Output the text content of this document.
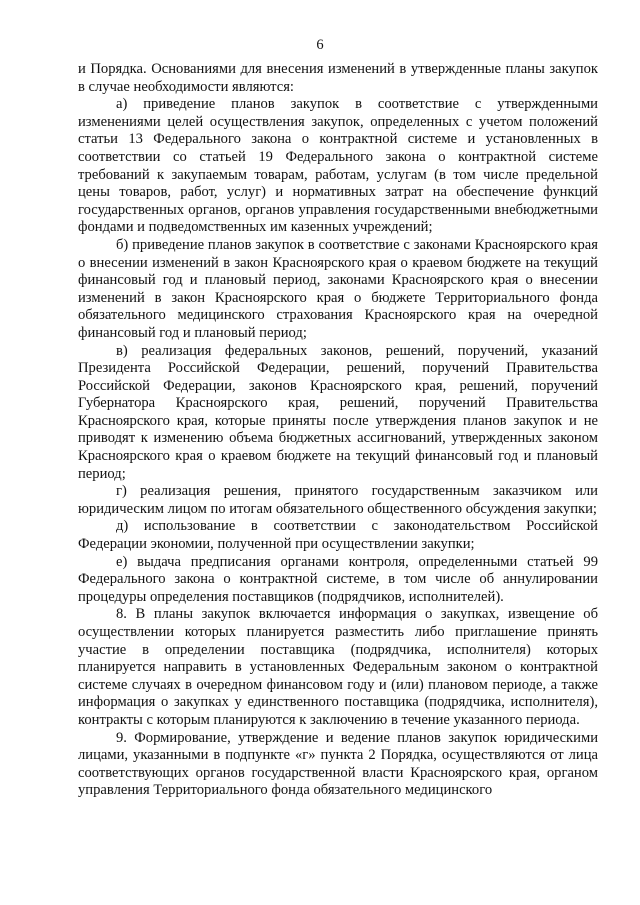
6

и Порядка. Основаниями для внесения изменений в утвержденные планы закупок в случае необходимости являются:

а) приведение планов закупок в соответствие с утвержденными изменениями целей осуществления закупок, определенных с учетом положений статьи 13 Федерального закона о контрактной системе и установленных в соответствии со статьей 19 Федерального закона о контрактной системе требований к закупаемым товарам, работам, услугам (в том числе предельной цены товаров, работ, услуг) и нормативных затрат на обеспечение функций государственных органов, органов управления государственными внебюджетными фондами и подведомственных им казенных учреждений;

б) приведение планов закупок в соответствие с законами Красноярского края о внесении изменений в закон Красноярского края о краевом бюджете на текущий финансовый год и плановый период, законами Красноярского края о внесении изменений в закон Красноярского края о бюджете Территориального фонда обязательного медицинского страхования Красноярского края на очередной финансовый год и плановый период;

в) реализация федеральных законов, решений, поручений, указаний Президента Российской Федерации, решений, поручений Правительства Российской Федерации, законов Красноярского края, решений, поручений Губернатора Красноярского края, решений, поручений Правительства Красноярского края, которые приняты после утверждения планов закупок и не приводят к изменению объема бюджетных ассигнований, утвержденных законом Красноярского края о краевом бюджете на текущий финансовый год и плановый период;

г) реализация решения, принятого государственным заказчиком или юридическим лицом по итогам обязательного общественного обсуждения закупки;

д) использование в соответствии с законодательством Российской Федерации экономии, полученной при осуществлении закупки;

е) выдача предписания органами контроля, определенными статьей 99 Федерального закона о контрактной системе, в том числе об аннулировании процедуры определения поставщиков (подрядчиков, исполнителей).

8. В планы закупок включается информация о закупках, извещение об осуществлении которых планируется разместить либо приглашение принять участие в определении поставщика (подрядчика, исполнителя) которых планируется направить в установленных Федеральным законом о контрактной системе случаях в очередном финансовом году и (или) плановом периоде, а также информация о закупках у единственного поставщика (подрядчика, исполнителя), контракты с которым планируются к заключению в течение указанного периода.

9. Формирование, утверждение и ведение планов закупок юридическими лицами, указанными в подпункте «г» пункта 2 Порядка, осуществляются от лица соответствующих органов государственной власти Красноярского края, органом управления Территориального фонда обязательного медицинского
